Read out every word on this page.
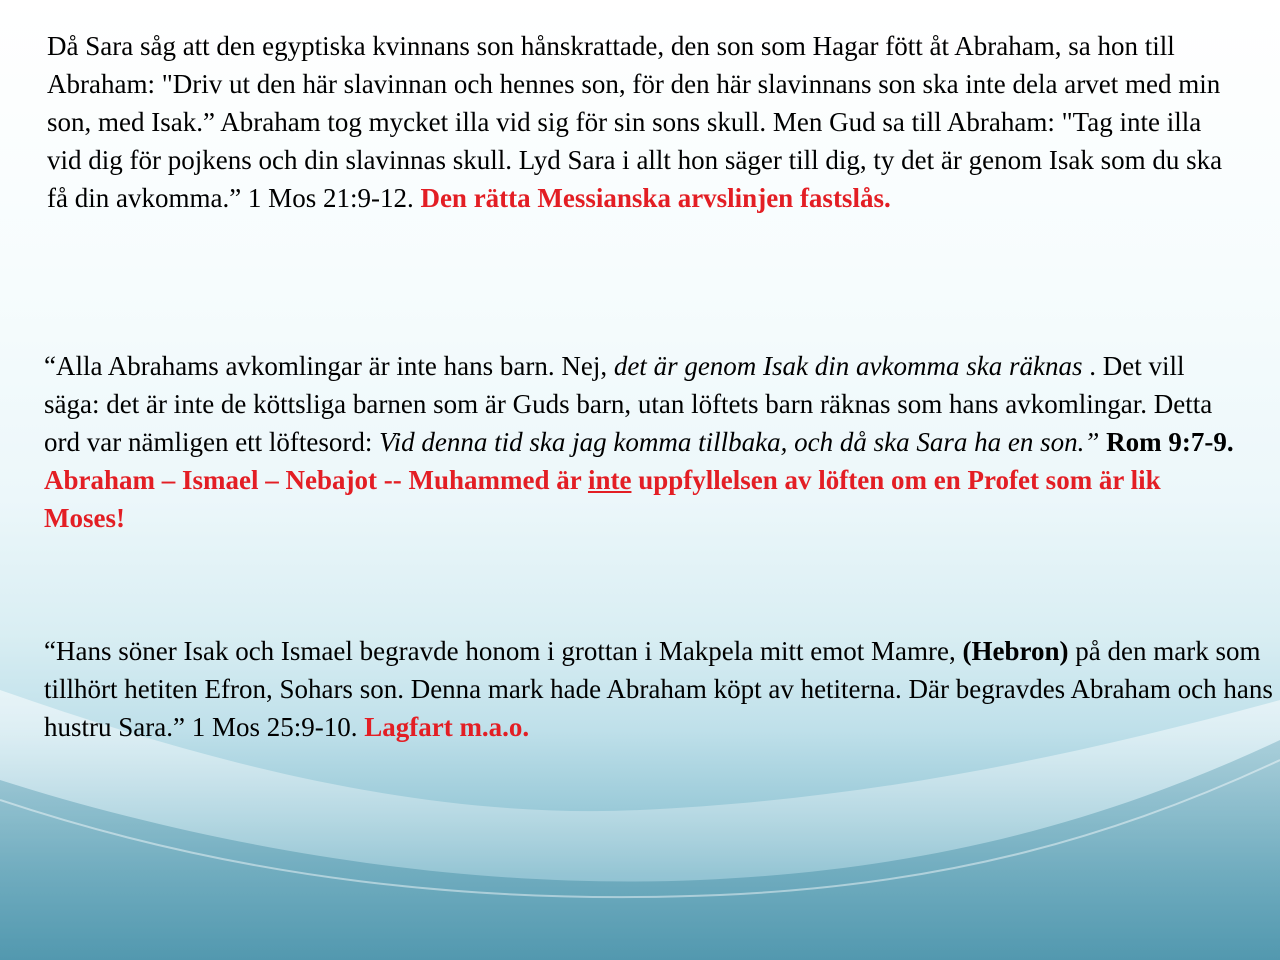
Då Sara såg att den egyptiska kvinnans son hånskrattade, den son som Hagar fött åt Abraham, sa hon till Abraham: "Driv ut den här slavinnan och hennes son, för den här slavinnans son ska inte dela arvet med min son, med Isak.” Abraham tog mycket illa vid sig för sin sons skull. Men Gud sa till Abraham: "Tag inte illa vid dig för pojkens och din slavinnas skull. Lyd Sara i allt hon säger till dig, ty det är genom Isak som du ska få din avkomma.” 1 Mos 21:9-12. Den rätta Messianska arvslinjen fastslås.
“Alla Abrahams avkomlingar är inte hans barn. Nej, det är genom Isak din avkomma ska räknas . Det vill säga: det är inte de köttsliga barnen som är Guds barn, utan löftets barn räknas som hans avkomlingar. Detta ord var nämligen ett löftesord: Vid denna tid ska jag komma tillbaka, och då ska Sara ha en son.” Rom 9:7-9. Abraham – Ismael – Nebajot -- Muhammed är inte uppfyllelsen av löften om en Profet som är lik Moses!
“Hans söner Isak och Ismael begravde honom i grottan i Makpela mitt emot Mamre, (Hebron) på den mark som tillhört hetiten Efron, Sohars son. Denna mark hade Abraham köpt av hetiterna. Där begravdes Abraham och hans hustru Sara.” 1 Mos 25:9-10. Lagfart m.a.o.
